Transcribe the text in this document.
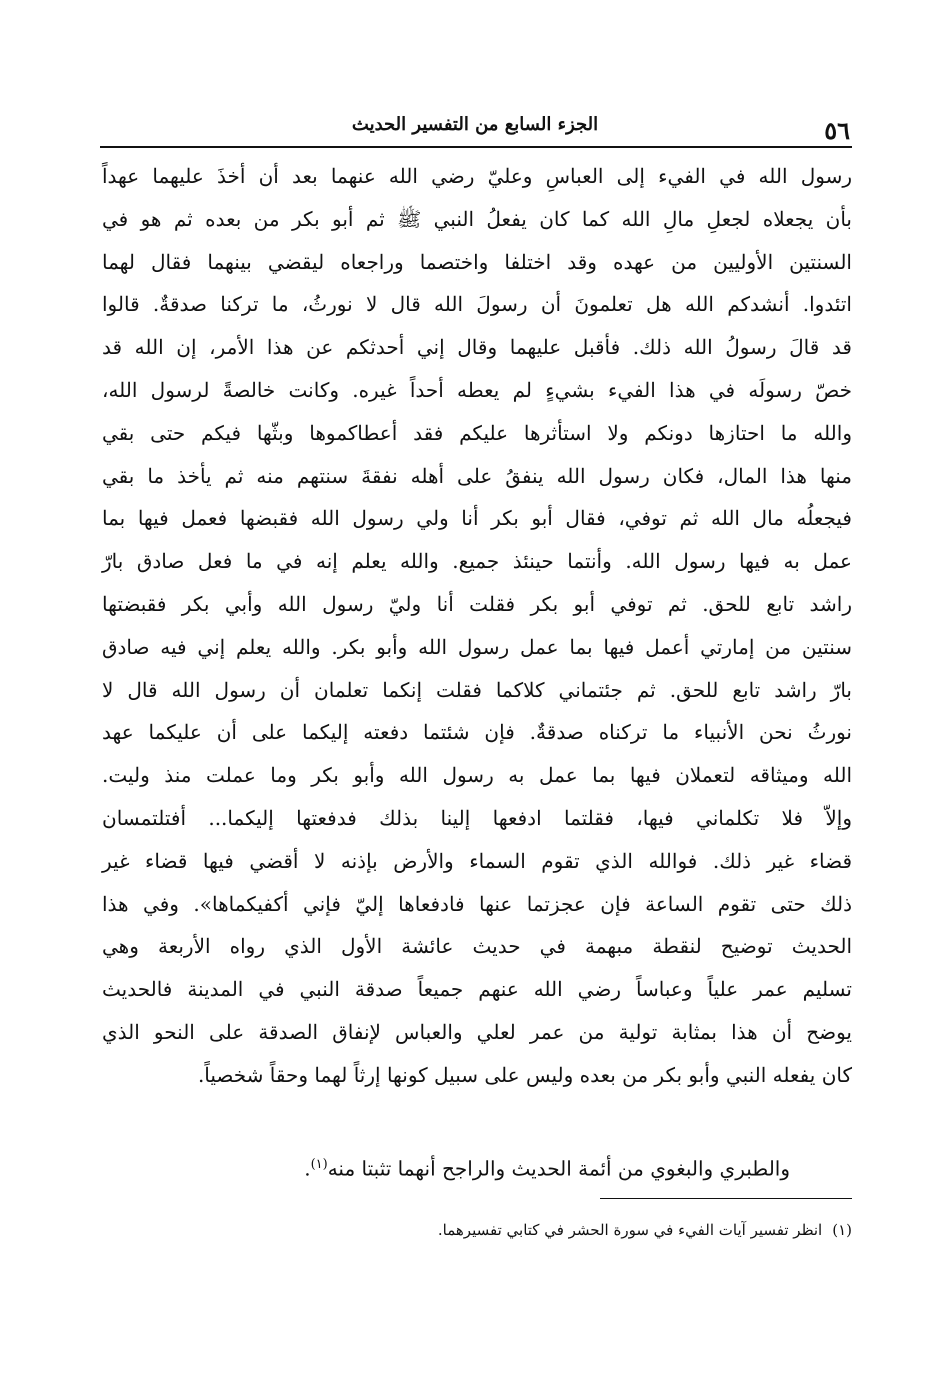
٥٦
الجزء السابع من التفسير الحديث
رسول الله في الفيء إلى العباسِ وعليّ رضي الله عنهما بعد أن أخذَ عليهما عهداً
بأن يجعلاه لجعلِ مالِ الله كما كان يفعلُ النبي ﷺ ثم أبو بكر من بعده ثم هو في
السنتين الأوليين من عهده وقد اختلفا واختصما وراجعاه ليقضي بينهما فقال لهما
اتئدوا. أنشدكم الله هل تعلمونَ أن رسولَ الله قال لا نورثُ، ما تركنا صدقةٌ. قالوا
قد قالَ رسولُ الله ذلك. فأقبل عليهما وقال إني أحدثكم عن هذا الأمر، إن الله قد
خصّ رسولَه في هذا الفيء بشيءٍ لم يعطه أحداً غيره. وكانت خالصةً لرسول الله،
والله ما احتازها دونكم ولا استأثرها عليكم فقد أعطاكموها وبثّها فيكم حتى بقي
منها هذا المال، فكان رسول الله ينفقُ على أهله نفقةَ سنتهم منه ثم يأخذ ما بقي
فيجعلُه مال الله ثم توفي، فقال أبو بكر أنا ولي رسول الله فقبضها فعمل فيها بما
عمل به فيها رسول الله. وأنتما حينئذ جميع. والله يعلم إنه في ما فعل صادق بارّ
راشد تابع للحق. ثم توفي أبو بكر فقلت أنا وليّ رسول الله وأبي بكر فقبضتها
سنتين من إمارتي أعمل فيها بما عمل رسول الله وأبو بكر. والله يعلم إني فيه صادق
بارّ راشد تابع للحق. ثم جئتماني كلاكما فقلت إنكما تعلمان أن رسول الله قال لا
نورثُ نحن الأنبياء ما تركناه صدقةٌ. فإن شئتما دفعته إليكما على أن عليكما عهد
الله وميثاقه لتعملان فيها بما عمل به رسول الله وأبو بكر وما عملت منذ وليت.
وإلاّ فلا تكلماني فيها، فقلتما ادفعها إلينا بذلك فدفعتها إليكما... أفتلتمسان
قضاء غير ذلك. فوالله الذي تقوم السماء والأرض بإذنه لا أقضي فيها قضاء غير
ذلك حتى تقوم الساعة فإن عجزتما عنها فادفعاها إليّ فإني أكفيكماها». وفي هذا
الحديث توضيح لنقطة مبهمة في حديث عائشة الأول الذي رواه الأربعة وهي
تسليم عمر علياً وعباساً رضي الله عنهم جميعاً صدقة النبي في المدينة فالحديث
يوضح أن هذا بمثابة تولية من عمر لعلي والعباس لإنفاق الصدقة على النحو الذي
كان يفعله النبي وأبو بكر من بعده وليس على سبيل كونها إرثاً لهما وحقاً شخصياً.
والطبري والبغوي من أئمة الحديث والراجح أنهما تثبتا منه$^{(١)}$.
(١)انظر تفسير آيات الفيء في سورة الحشر في كتابي تفسيرهما.
